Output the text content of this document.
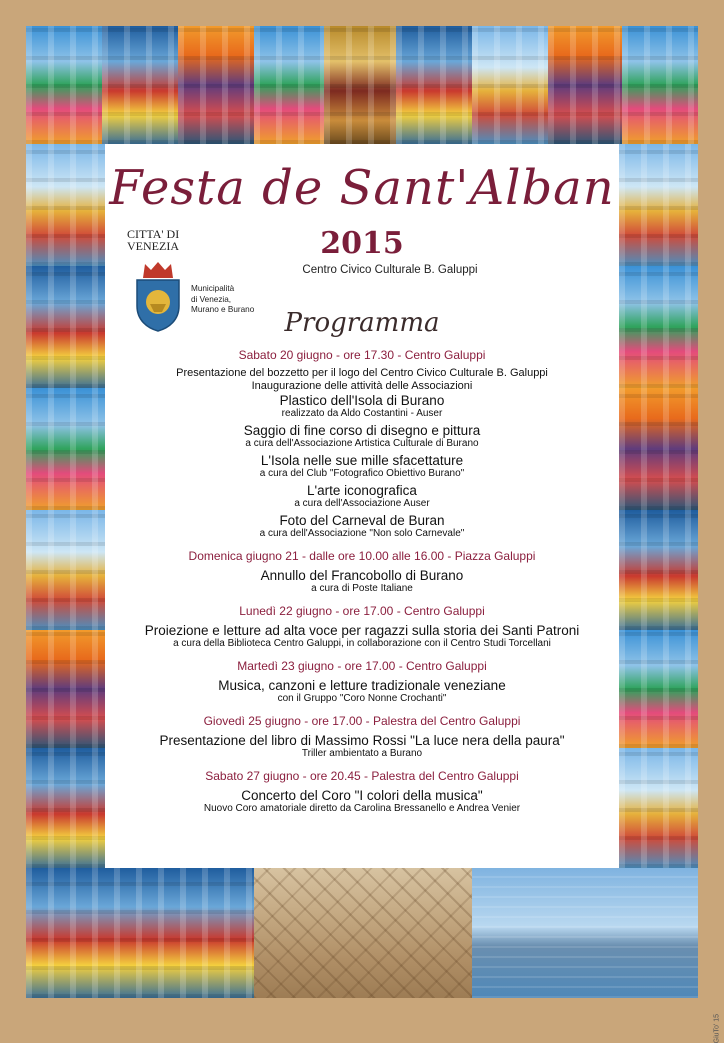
GiuTo' 15
Festa de Sant'Alban
2015
CITTA' DI
VENEZIA
Municipalità
di Venezia,
Murano e Burano
Centro Civico Culturale B. Galuppi
Programma
Sabato 20 giugno - ore 17.30 - Centro Galuppi
Presentazione del bozzetto per il logo del Centro Civico Culturale B. Galuppi
Inaugurazione delle attività delle Associazioni
Plastico dell'Isola di Burano
realizzato da Aldo Costantini - Auser
Saggio di fine corso di disegno e pittura
a cura dell'Associazione Artistica Culturale di Burano
L'Isola nelle sue mille sfacettature
a cura del Club "Fotografico Obiettivo Burano"
L'arte iconografica
a cura dell'Associazione Auser
Foto del Carneval de Buran
a cura dell'Associazione "Non solo Carnevale"
Domenica giugno 21 - dalle ore 10.00 alle 16.00 - Piazza Galuppi
Annullo del Francobollo di Burano
a cura di Poste Italiane
Lunedì 22 giugno - ore 17.00 - Centro Galuppi
Proiezione e letture ad alta voce per ragazzi sulla storia dei Santi Patroni
a cura della Biblioteca Centro Galuppi, in collaborazione con il Centro Studi Torcellani
Martedì 23 giugno - ore 17.00 - Centro Galuppi
Musica, canzoni e letture tradizionale veneziane
con il Gruppo "Coro Nonne Crochanti"
Giovedì 25 giugno - ore 17.00 - Palestra del Centro Galuppi
Presentazione del libro di Massimo Rossi "La luce nera della paura"
Triller ambientato a Burano
Sabato 27 giugno - ore 20.45 - Palestra del Centro Galuppi
Concerto del Coro "I colori della musica"
Nuovo Coro amatoriale diretto da Carolina Bressanello e Andrea Venier
